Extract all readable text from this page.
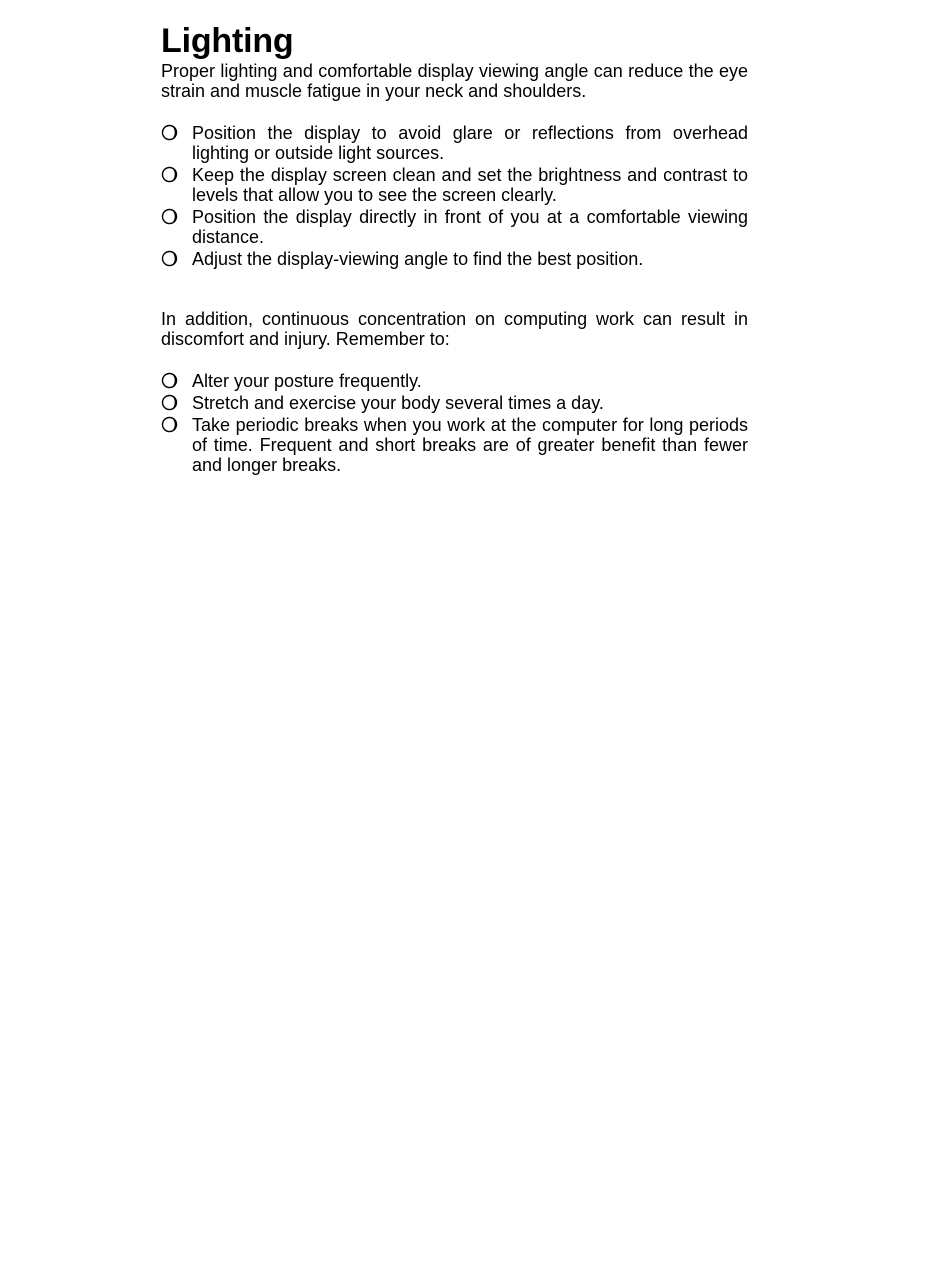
Lighting

Proper lighting and comfortable display viewing angle can reduce the eye strain and muscle fatigue in your neck and shoulders.

Position the display to avoid glare or reflections from overhead lighting or outside light sources.
Keep the display screen clean and set the brightness and contrast to levels that allow you to see the screen clearly.
Position the display directly in front of you at a comfortable viewing distance.
Adjust the display-viewing angle to find the best position.

In addition, continuous concentration on computing work can result in discomfort and injury. Remember to:

Alter your posture frequently.
Stretch and exercise your body several times a day.
Take periodic breaks when you work at the computer for long periods of time. Frequent and short breaks are of greater benefit than fewer and longer breaks.
